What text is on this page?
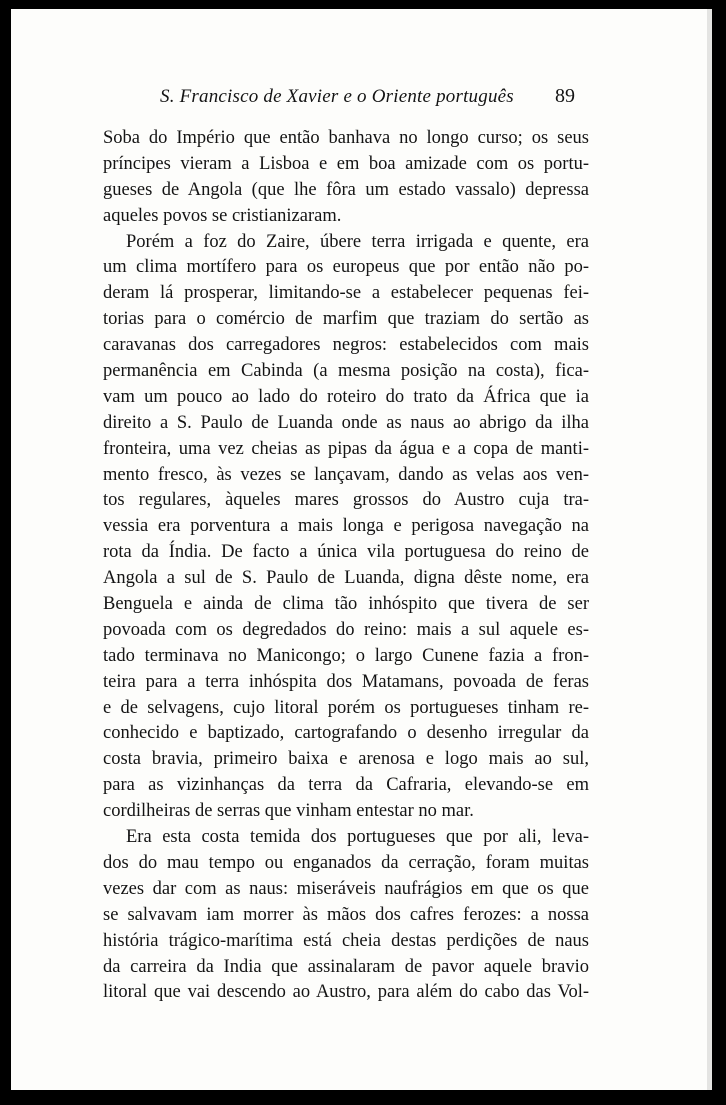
S. Francisco de Xavier e o Oriente português 89
Soba do Império que então banhava no longo curso; os seus
príncipes vieram a Lisboa e em boa amizade com os portu-
gueses de Angola (que lhe fôra um estado vassalo) depressa
aqueles povos se cristianizaram.
Porém a foz do Zaire, úbere terra irrigada e quente, era
um clima mortífero para os europeus que por então não po-
deram lá prosperar, limitando-se a estabelecer pequenas fei-
torias para o comércio de marfim que traziam do sertão as
caravanas dos carregadores negros: estabelecidos com mais
permanência em Cabinda (a mesma posição na costa), fica-
vam um pouco ao lado do roteiro do trato da África que ia
direito a S. Paulo de Luanda onde as naus ao abrigo da ilha
fronteira, uma vez cheias as pipas da água e a copa de manti-
mento fresco, às vezes se lançavam, dando as velas aos ven-
tos regulares, àqueles mares grossos do Austro cuja tra-
vessia era porventura a mais longa e perigosa navegação na
rota da Índia. De facto a única vila portuguesa do reino de
Angola a sul de S. Paulo de Luanda, digna dêste nome, era
Benguela e ainda de clima tão inhóspito que tivera de ser
povoada com os degredados do reino: mais a sul aquele es-
tado terminava no Manicongo; o largo Cunene fazia a fron-
teira para a terra inhóspita dos Matamans, povoada de feras
e de selvagens, cujo litoral porém os portugueses tinham re-
conhecido e baptizado, cartografando o desenho irregular da
costa bravia, primeiro baixa e arenosa e logo mais ao sul,
para as vizinhanças da terra da Cafraria, elevando-se em
cordilheiras de serras que vinham entestar no mar.
Era esta costa temida dos portugueses que por ali, leva-
dos do mau tempo ou enganados da cerração, foram muitas
vezes dar com as naus: miseráveis naufrágios em que os que
se salvavam iam morrer às mãos dos cafres ferozes: a nossa
história trágico-marítima está cheia destas perdições de naus
da carreira da India que assinalaram de pavor aquele bravio
litoral que vai descendo ao Austro, para além do cabo das Vol-
